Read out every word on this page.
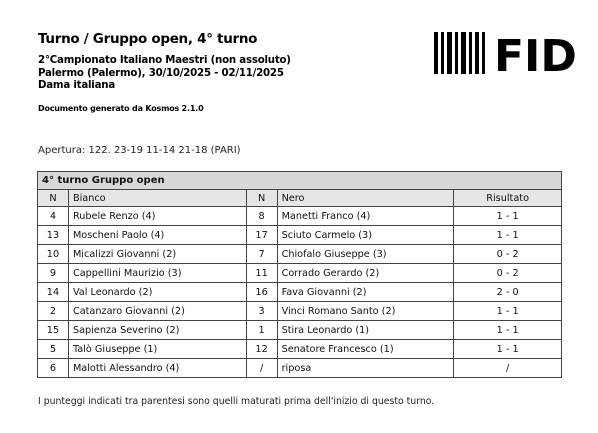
Turno / Gruppo open, 4° turno
2°Campionato Italiano Maestri (non assoluto)
Palermo (Palermo), 30/10/2025 - 02/11/2025
Dama italiana
Documento generato da Kosmos 2.1.0
FID
Apertura: 122. 23-19 11-14 21-18 (PARI)
4° turno Gruppo open				
N	Bianco	N	Nero	Risultato
4	Rubele Renzo (4)	8	Manetti Franco (4)	1 - 1
13	Moscheni Paolo (4)	17	Sciuto Carmelo (3)	1 - 1
10	Micalizzi Giovanni (2)	7	Chiofalo Giuseppe (3)	0 - 2
9	Cappellini Maurizio (3)	11	Corrado Gerardo (2)	0 - 2
14	Val Leonardo (2)	16	Fava Giovanni (2)	2 - 0
2	Catanzaro Giovanni (2)	3	Vinci Romano Santo (2)	1 - 1
15	Sapienza Severino (2)	1	Stira Leonardo (1)	1 - 1
5	Talò Giuseppe (1)	12	Senatore Francesco (1)	1 - 1
6	Malotti Alessandro (4)	/	riposa	/
I punteggi indicati tra parentesi sono quelli maturati prima dell'inizio di questo turno.
